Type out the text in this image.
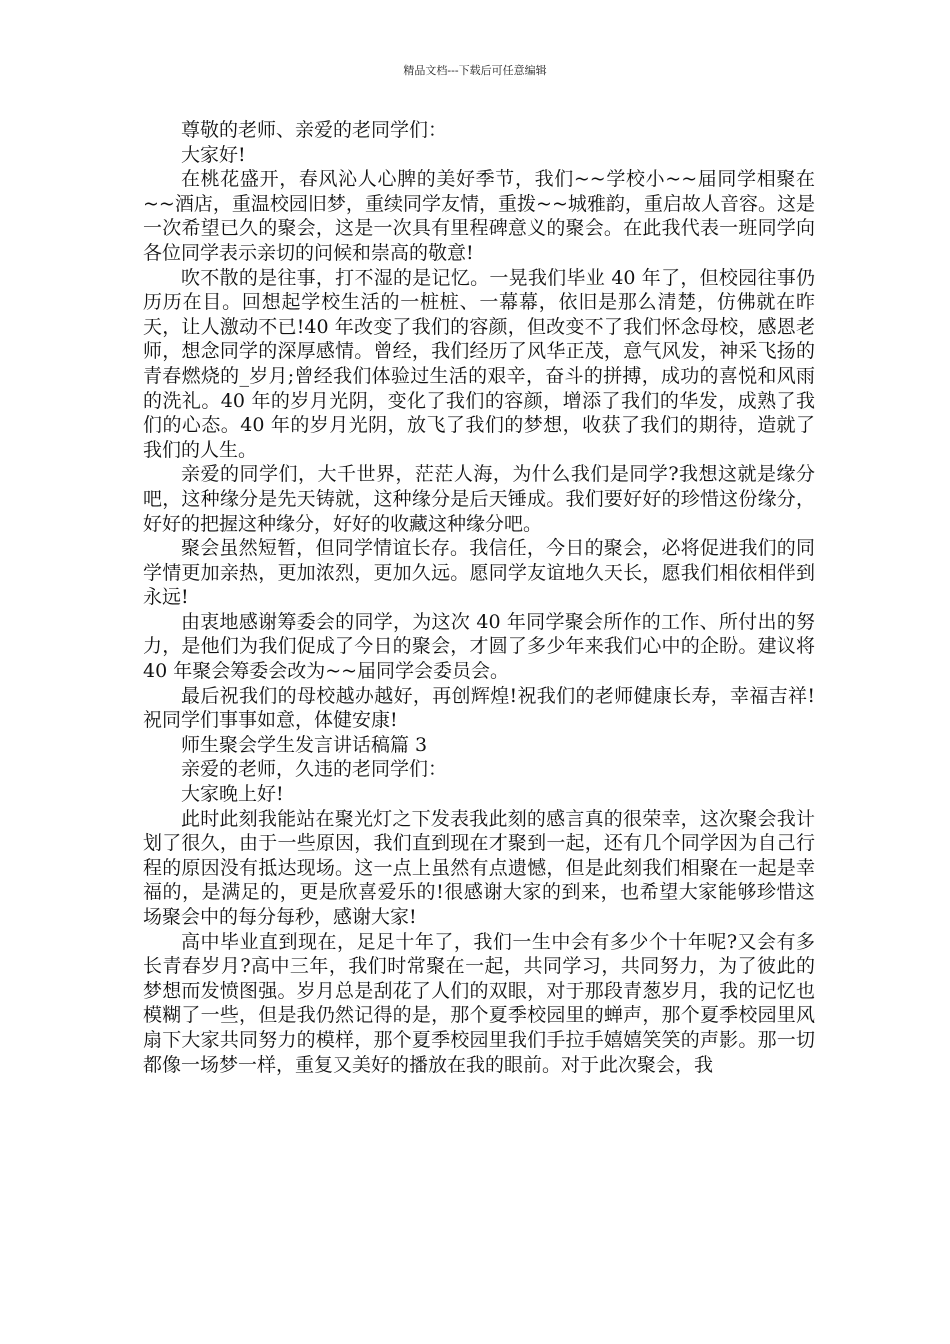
精品文档---下载后可任意编辑

尊敬的老师、亲爱的老同学们：

大家好!

在桃花盛开，春风沁人心脾的美好季节，我们~~学校小~~届同学相聚在~~酒店，重温校园旧梦，重续同学友情，重拨~~城雅韵，重启故人音容。这是一次希望已久的聚会，这是一次具有里程碑意义的聚会。在此我代表一班同学向各位同学表示亲切的问候和崇高的敬意!

吹不散的是往事，打不湿的是记忆。一晃我们毕业 40 年了，但校园往事仍历历在目。回想起学校生活的一桩桩、一幕幕，依旧是那么清楚，仿佛就在昨天，让人激动不已!40 年改变了我们的容颜，但改变不了我们怀念母校，感恩老师，想念同学的深厚感情。曾经，我们经历了风华正茂，意气风发，神采飞扬的青春燃烧的_岁月;曾经我们体验过生活的艰辛，奋斗的拼搏，成功的喜悦和风雨的洗礼。40 年的岁月光阴，变化了我们的容颜，增添了我们的华发，成熟了我们的心态。40 年的岁月光阴，放飞了我们的梦想，收获了我们的期待，造就了我们的人生。

亲爱的同学们，大千世界，茫茫人海，为什么我们是同学?我想这就是缘分吧，这种缘分是先天铸就，这种缘分是后天锤成。我们要好好的珍惜这份缘分，好好的把握这种缘分，好好的收藏这种缘分吧。

聚会虽然短暂，但同学情谊长存。我信任，今日的聚会，必将促进我们的同学情更加亲热，更加浓烈，更加久远。愿同学友谊地久天长，愿我们相依相伴到永远!

由衷地感谢筹委会的同学，为这次 40 年同学聚会所作的工作、所付出的努力，是他们为我们促成了今日的聚会，才圆了多少年来我们心中的企盼。建议将 40 年聚会筹委会改为~~届同学会委员会。

最后祝我们的母校越办越好，再创辉煌!祝我们的老师健康长寿，幸福吉祥!祝同学们事事如意，体健安康!

师生聚会学生发言讲话稿篇 3

亲爱的老师，久违的老同学们：

大家晚上好!

此时此刻我能站在聚光灯之下发表我此刻的感言真的很荣幸，这次聚会我计划了很久，由于一些原因，我们直到现在才聚到一起，还有几个同学因为自己行程的原因没有抵达现场。这一点上虽然有点遗憾，但是此刻我们相聚在一起是幸福的，是满足的，更是欣喜爱乐的!很感谢大家的到来，也希望大家能够珍惜这场聚会中的每分每秒，感谢大家!

高中毕业直到现在，足足十年了，我们一生中会有多少个十年呢?又会有多长青春岁月?高中三年，我们时常聚在一起，共同学习，共同努力，为了彼此的梦想而发愤图强。岁月总是刮花了人们的双眼，对于那段青葱岁月，我的记忆也模糊了一些，但是我仍然记得的是，那个夏季校园里的蝉声，那个夏季校园里风扇下大家共同努力的模样，那个夏季校园里我们手拉手嬉嬉笑笑的声影。那一切都像一场梦一样，重复又美好的播放在我的眼前。对于此次聚会，我
